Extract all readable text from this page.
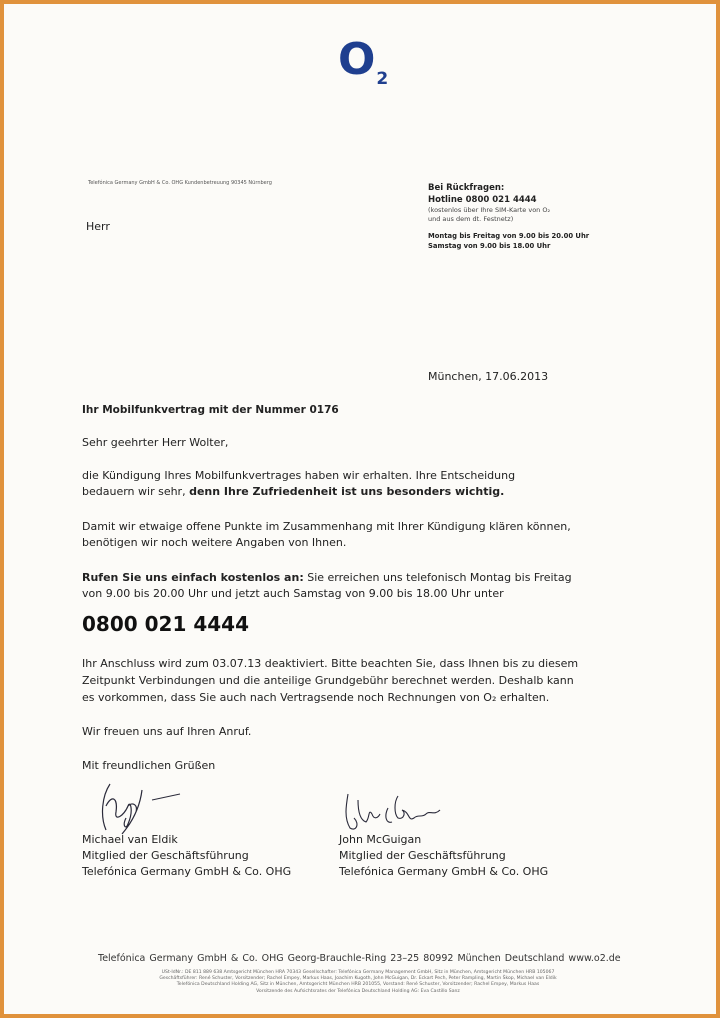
O2
Telefónica Germany GmbH & Co. OHG Kundenbetreuung 90345 Nürnberg
Herr
Bei Rückfragen:
Hotline 0800 021 4444
(kostenlos über Ihre SIM-Karte von O₂
und aus dem dt. Festnetz)
Montag bis Freitag von 9.00 bis 20.00 Uhr
Samstag von 9.00 bis 18.00 Uhr
München, 17.06.2013

Ihr Mobilfunkvertrag mit der Nummer 0176

Sehr geehrter Herr Wolter,

die Kündigung Ihres Mobilfunkvertrages haben wir erhalten. Ihre Entscheidung

bedauern wir sehr, denn Ihre Zufriedenheit ist uns besonders wichtig.

Damit wir etwaige offene Punkte im Zusammenhang mit Ihrer Kündigung klären können,

benötigen wir noch weitere Angaben von Ihnen.

Rufen Sie uns einfach kostenlos an: Sie erreichen uns telefonisch Montag bis Freitag

von 9.00 bis 20.00 Uhr und jetzt auch Samstag von 9.00 bis 18.00 Uhr unter

0800 021 4444
Ihr Anschluss wird zum 03.07.13 deaktiviert. Bitte beachten Sie, dass Ihnen bis zu diesem
Zeitpunkt Verbindungen und die anteilige Grundgebühr berechnet werden. Deshalb kann
es vorkommen, dass Sie auch nach Vertragsende noch Rechnungen von O₂ erhalten.
Wir freuen uns auf Ihren Anruf.
Mit freundlichen Grüßen
Michael van Eldik
Mitglied der Geschäftsführung
Telefónica Germany GmbH & Co. OHG
John McGuigan
Mitglied der Geschäftsführung
Telefónica Germany GmbH & Co. OHG
Telefónica Germany GmbH & Co. OHG Georg-Brauchle-Ring 23–25 80992 München Deutschland www.o2.de
USt-IdNr.: DE 811 889 638 Amtsgericht München HRA 70343 Gesellschafter: Telefónica Germany Management GmbH, Sitz in München, Amtsgericht München HRB 105067
Geschäftsführer: René Schuster, Vorsitzender; Rachel Empey, Markus Haas, Joachim Kugoth, John McGuigan, Dr. Eckart Pech, Peter Rampling, Martin Škop, Michael van Eldik
Telefónica Deutschland Holding AG, Sitz in München, Amtsgericht München HRB 201055, Vorstand: René Schuster, Vorsitzender; Rachel Empey, Markus Haas
Vorsitzende des Aufsichtsrates der Telefónica Deutschland Holding AG: Eva Castillo Sanz
